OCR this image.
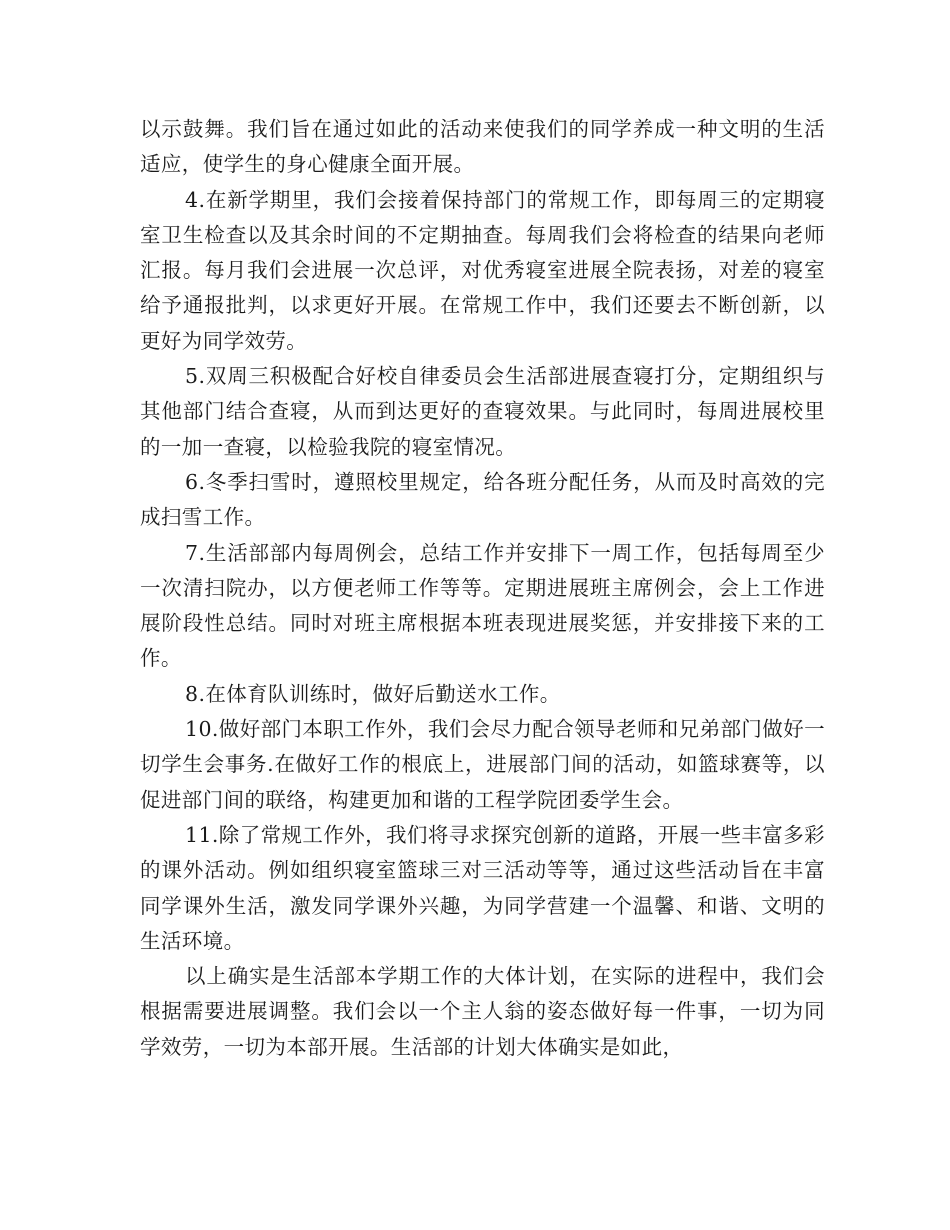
以示鼓舞。我们旨在通过如此的活动来使我们的同学养成一种文明的生活适应，使学生的身心健康全面开展。

4.在新学期里，我们会接着保持部门的常规工作，即每周三的定期寝室卫生检查以及其余时间的不定期抽查。每周我们会将检查的结果向老师汇报。每月我们会进展一次总评，对优秀寝室进展全院表扬，对差的寝室给予通报批判，以求更好开展。在常规工作中，我们还要去不断创新，以更好为同学效劳。

5.双周三积极配合好校自律委员会生活部进展查寝打分，定期组织与其他部门结合查寝，从而到达更好的查寝效果。与此同时，每周进展校里的一加一查寝，以检验我院的寝室情况。

6.冬季扫雪时，遵照校里规定，给各班分配任务，从而及时高效的完成扫雪工作。

7.生活部部内每周例会，总结工作并安排下一周工作，包括每周至少一次清扫院办，以方便老师工作等等。定期进展班主席例会，会上工作进展阶段性总结。同时对班主席根据本班表现进展奖惩，并安排接下来的工作。

8.在体育队训练时，做好后勤送水工作。

10.做好部门本职工作外，我们会尽力配合领导老师和兄弟部门做好一切学生会事务.在做好工作的根底上，进展部门间的活动，如篮球赛等，以促进部门间的联络，构建更加和谐的工程学院团委学生会。

11.除了常规工作外，我们将寻求探究创新的道路，开展一些丰富多彩的课外活动。例如组织寝室篮球三对三活动等等，通过这些活动旨在丰富同学课外生活，激发同学课外兴趣，为同学营建一个温馨、和谐、文明的生活环境。

以上确实是生活部本学期工作的大体计划，在实际的进程中，我们会根据需要进展调整。我们会以一个主人翁的姿态做好每一件事，一切为同学效劳，一切为本部开展。生活部的计划大体确实是如此，
